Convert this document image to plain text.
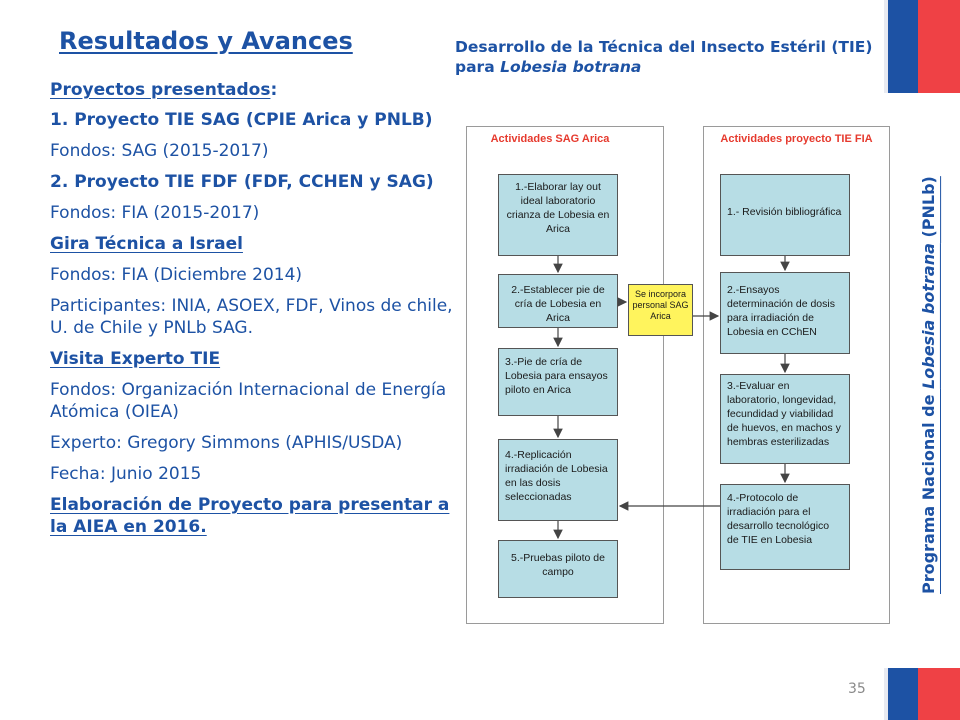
Resultados y Avances	Desarrollo de la Técnica del Insecto Estéril (TIE) para Lobesia botrana

Proyectos presentados:

1. Proyecto TIE SAG (CPIE Arica y PNLB)

Fondos: SAG (2015-2017)

2. Proyecto TIE FDF (FDF, CCHEN y SAG)

Fondos: FIA (2015-2017)

Gira Técnica a Israel

Fondos: FIA (Diciembre 2014)

Participantes: INIA, ASOEX, FDF, Vinos de chile, U. de Chile y PNLb SAG.

Visita Experto TIE

Fondos: Organización Internacional de Energía Atómica (OIEA)

Experto: Gregory Simmons (APHIS/USDA)

Fecha: Junio 2015

Elaboración de Proyecto para presentar a la AIEA en 2016.

Actividades SAG Arica	Actividades proyecto TIE FIA
1.-Elaborar lay out ideal laboratorio crianza de Lobesia en Arica
2.-Establecer pie de cría de Lobesia en Arica
3.-Pie de cría de Lobesia para ensayos piloto en Arica
4.-Replicación irradiación de Lobesia en las dosis seleccionadas
5.-Pruebas piloto de campo
Se incorpora personal SAG Arica
1.- Revisión bibliográfica
2.-Ensayos determinación de dosis para irradiación de Lobesia en CChEN
3.-Evaluar en laboratorio, longevidad, fecundidad y viabilidad de huevos, en machos y hembras esterilizadas
4.-Protocolo de irradiación para el desarrollo tecnológico de TIE en Lobesia	Programa Nacional de Lobesia botrana (PNLb)
35
